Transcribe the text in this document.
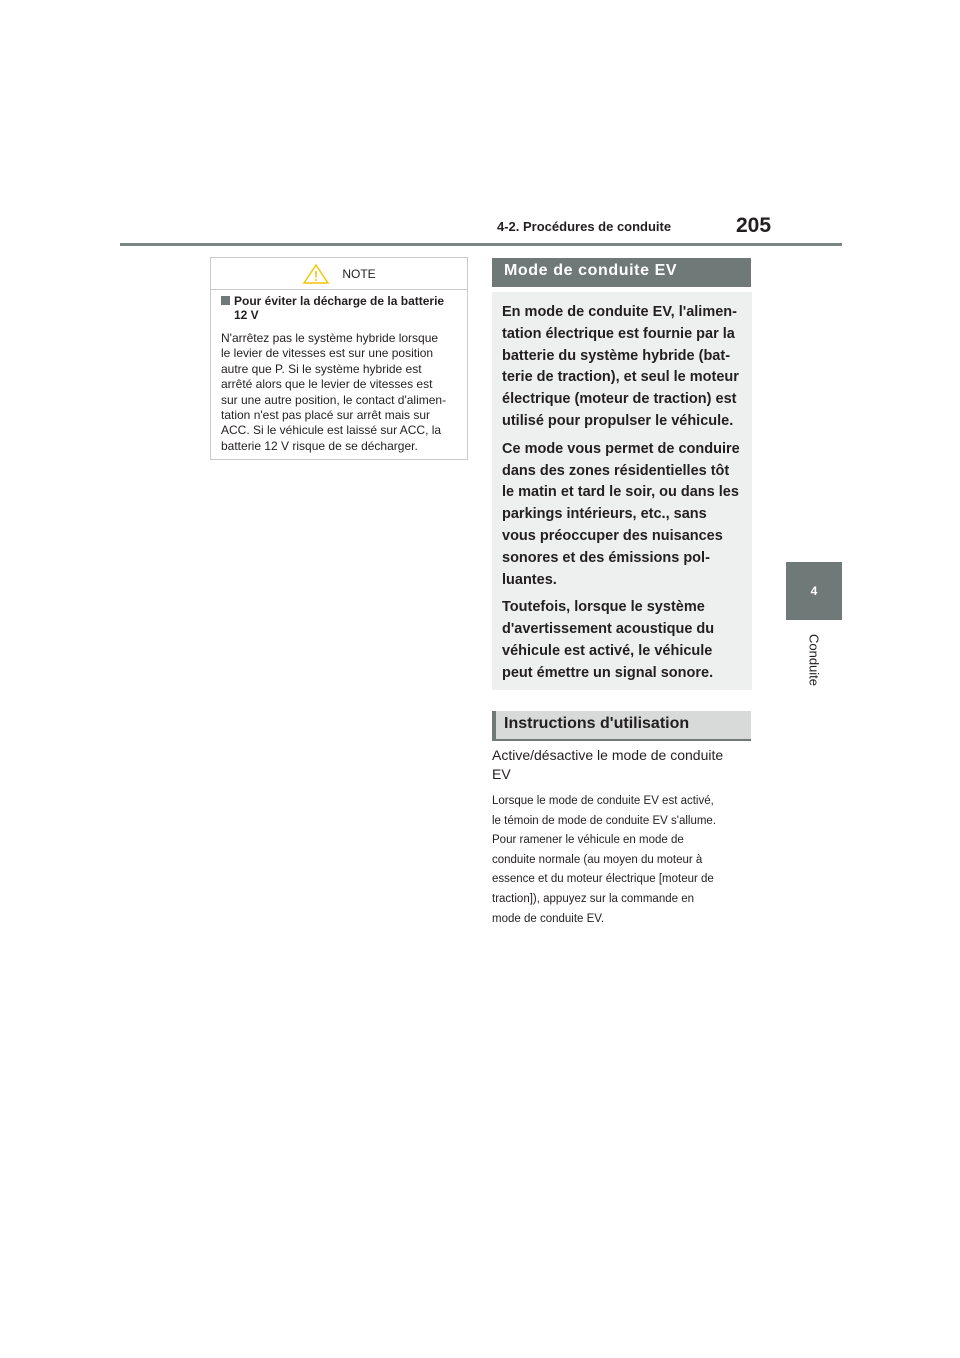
4-2. Procédures de conduite	205
4
Conduite
NOTE
Pour éviter la décharge de la batterie 12 V
N'arrêtez pas le système hybride lorsque
le levier de vitesses est sur une position
autre que P. Si le système hybride est
arrêté alors que le levier de vitesses est
sur une autre position, le contact d'alimen-
tation n'est pas placé sur arrêt mais sur
ACC. Si le véhicule est laissé sur ACC, la
batterie 12 V risque de se décharger.
Mode de conduite EV

En mode de conduite EV, l'alimen-
tation électrique est fournie par la
batterie du système hybride (bat-
terie de traction), et seul le moteur
électrique (moteur de traction) est
utilisé pour propulser le véhicule.

Ce mode vous permet de conduire
dans des zones résidentielles tôt
le matin et tard le soir, ou dans les
parkings intérieurs, etc., sans
vous préoccuper des nuisances
sonores et des émissions pol-
luantes.

Toutefois, lorsque le système
d'avertissement acoustique du
véhicule est activé, le véhicule
peut émettre un signal sonore.

Instructions d'utilisation
Active/désactive le mode de conduite
EV
Lorsque le mode de conduite EV est activé,
le témoin de mode de conduite EV s'allume.
Pour ramener le véhicule en mode de
conduite normale (au moyen du moteur à
essence et du moteur électrique [moteur de
traction]), appuyez sur la commande en
mode de conduite EV.
